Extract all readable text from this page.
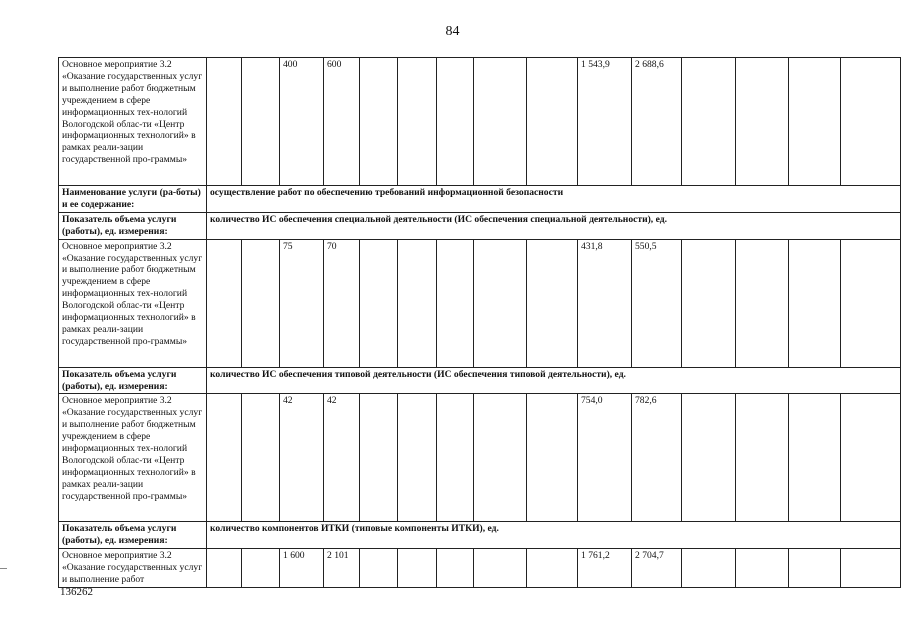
84
Основное мероприятие 3.2 «Оказание государственных услуг и выполнение работ бюджетным учреждением в сфере информационных тех-нологий Вологодской облас-ти «Центр информационных технологий» в рамках реали-зации государственной про-граммы»			400	600						1 543,9	2 688,6				
Наименование услуги (ра-боты) и ее содержание:	осуществление работ по обеспечению требований информационной безопасности														
Показатель объема услуги (работы), ед. измерения:	количество ИС обеспечения специальной деятельности (ИС обеспечения специальной деятельности), ед.														
Основное мероприятие 3.2 «Оказание государственных услуг и выполнение работ бюджетным учреждением в сфере информационных тех-нологий Вологодской облас-ти «Центр информационных технологий» в рамках реали-зации государственной про-граммы»			75	70						431,8	550,5				
Показатель объема услуги (работы), ед. измерения:	количество ИС обеспечения типовой деятельности (ИС обеспечения типовой деятельности), ед.														
Основное мероприятие 3.2 «Оказание государственных услуг и выполнение работ бюджетным учреждением в сфере информационных тех-нологий Вологодской облас-ти «Центр информационных технологий» в рамках реали-зации государственной про-граммы»			42	42						754,0	782,6				
Показатель объема услуги (работы), ед. измерения:	количество компонентов ИТКИ (типовые компоненты ИТКИ), ед.														
Основное мероприятие 3.2 «Оказание государственных услуг и выполнение работ			1 600	2 101						1 761,2	2 704,7				
136262
